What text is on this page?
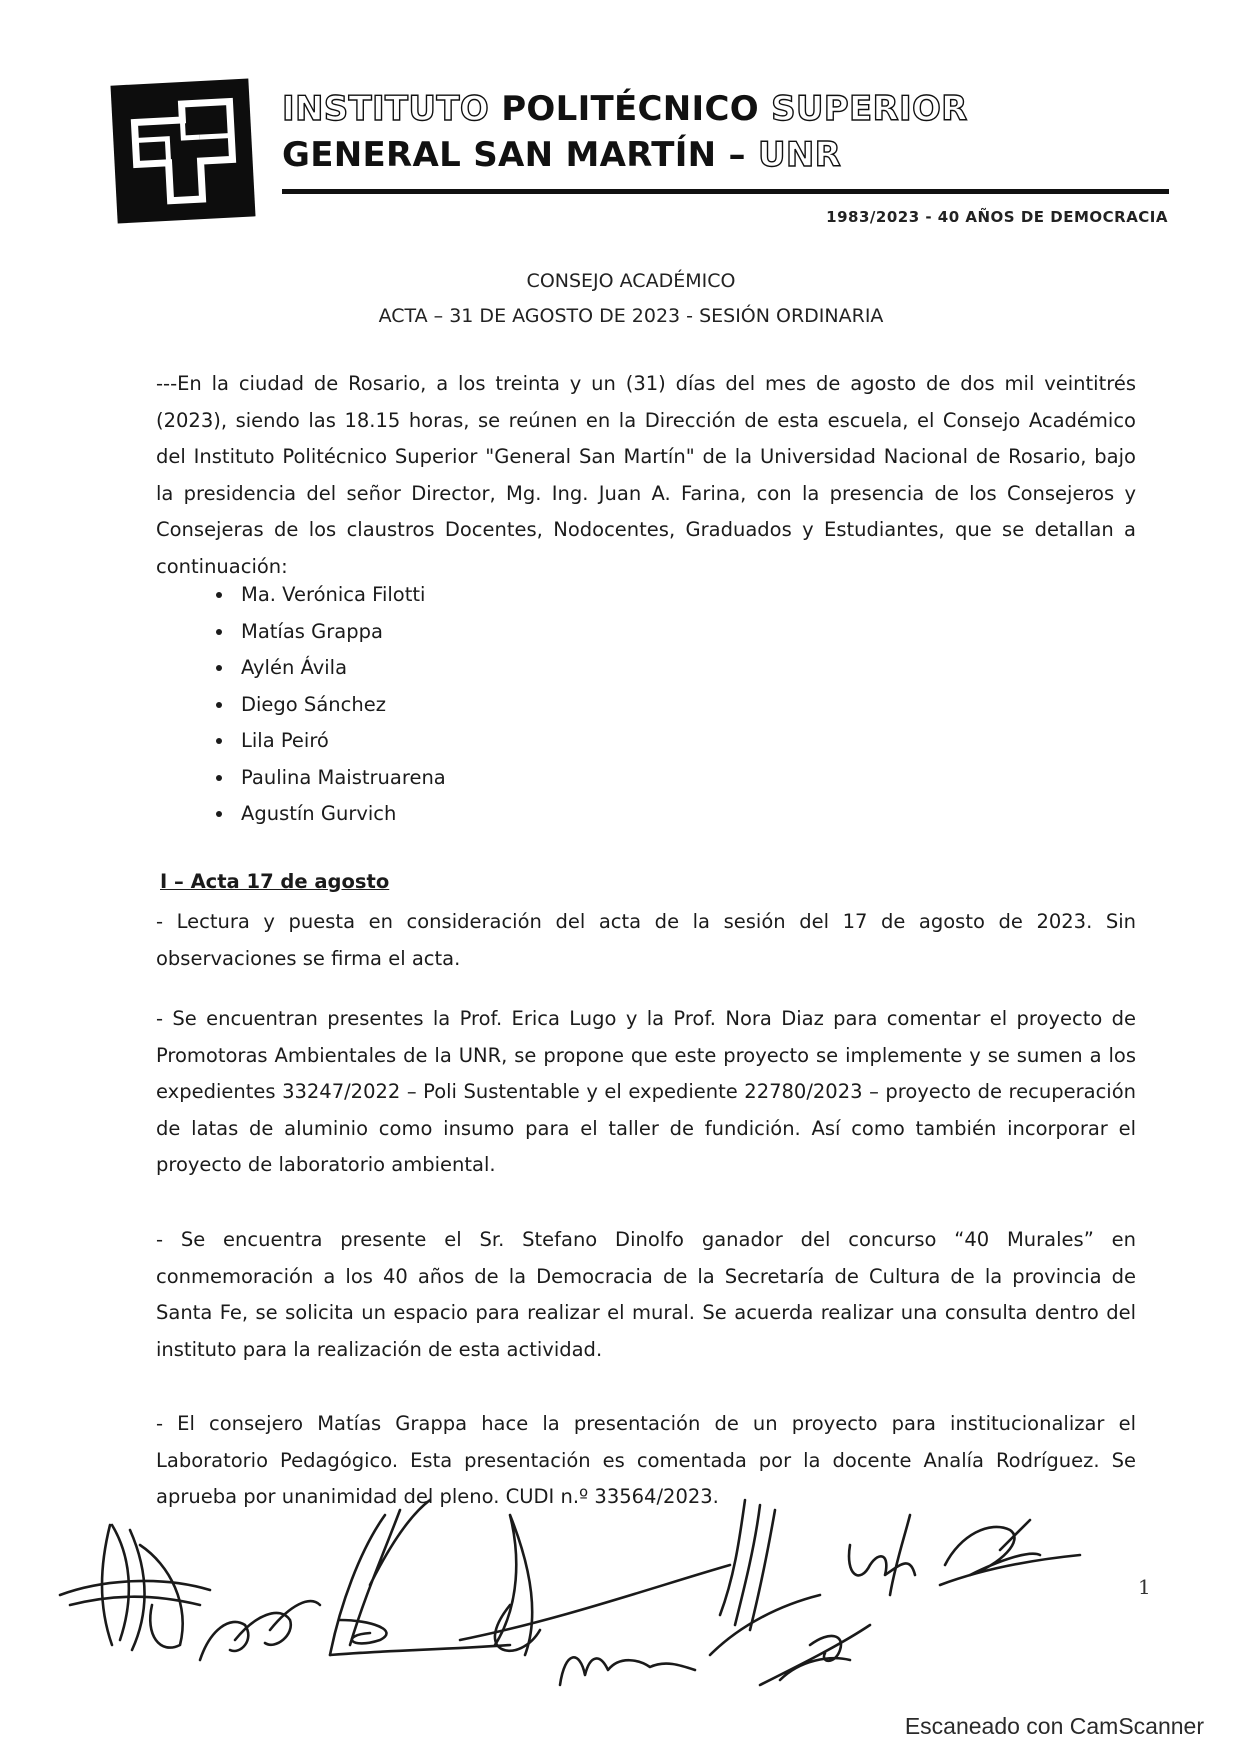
INSTITUTO POLITÉCNICO SUPERIOR
GENERAL SAN MARTÍN – UNR
1983/2023 - 40 AÑOS DE DEMOCRACIA
CONSEJO ACADÉMICO
ACTA – 31 DE AGOSTO DE 2023 - SESIÓN ORDINARIA
---En la ciudad de Rosario, a los treinta y un (31) días del mes de agosto de dos mil veintitrés (2023), siendo las 18.15 horas, se reúnen en la Dirección de esta escuela, el Consejo Académico del Instituto Politécnico Superior "General San Martín" de la Universidad Nacional de Rosario, bajo la presidencia del señor Director, Mg. Ing. Juan A. Farina, con la presencia de los Consejeros y Consejeras de los claustros Docentes, Nodocentes, Graduados y Estudiantes, que se detallan a continuación:
• Ma. Verónica Filotti
• Matías Grappa
• Aylén Ávila
• Diego Sánchez
• Lila Peiró
• Paulina Maistruarena
• Agustín Gurvich
I – Acta 17 de agosto
- Lectura y puesta en consideración del acta de la sesión del 17 de agosto de 2023. Sin observaciones se firma el acta.
- Se encuentran presentes la Prof. Erica Lugo y la Prof. Nora Diaz para comentar el proyecto de Promotoras Ambientales de la UNR, se propone que este proyecto se implemente y se sumen a los expedientes 33247/2022 – Poli Sustentable y el expediente 22780/2023 – proyecto de recuperación de latas de aluminio como insumo para el taller de fundición. Así como también incorporar el proyecto de laboratorio ambiental.
- Se encuentra presente el Sr. Stefano Dinolfo ganador del concurso “40 Murales” en conmemoración a los 40 años de la Democracia de la Secretaría de Cultura de la provincia de Santa Fe, se solicita un espacio para realizar el mural. Se acuerda realizar una consulta dentro del instituto para la realización de esta actividad.
- El consejero Matías Grappa hace la presentación de un proyecto para institucionalizar el Laboratorio Pedagógico. Esta presentación es comentada por la docente Analía Rodríguez. Se aprueba por unanimidad del pleno. CUDI n.º 33564/2023.
1
Escaneado con CamScanner
